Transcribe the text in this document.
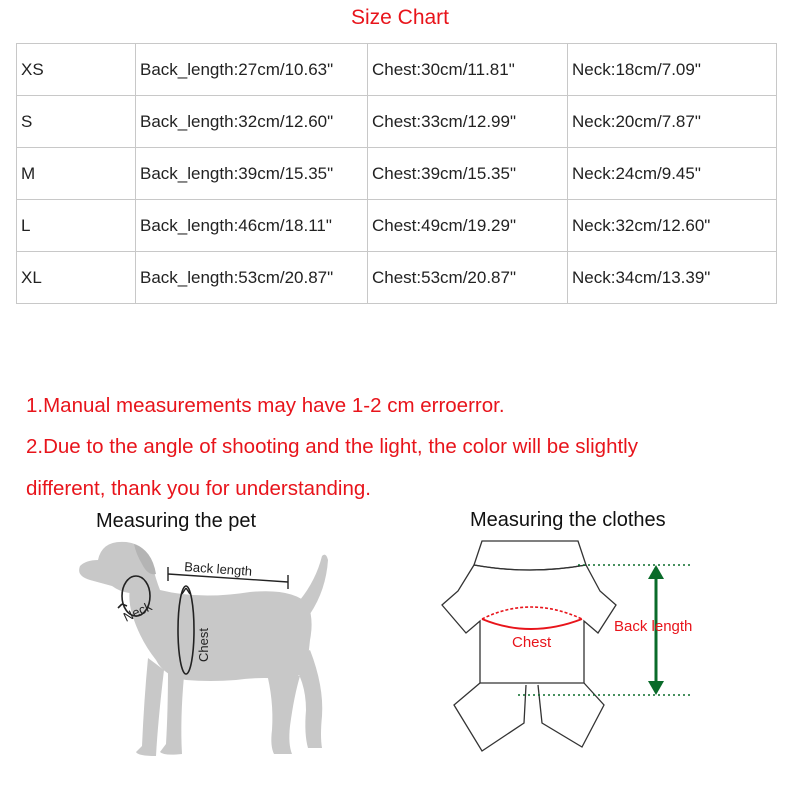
Size Chart
XS	Back_length:27cm/10.63"	Chest:30cm/11.81"	Neck:18cm/7.09"
S	Back_length:32cm/12.60"	Chest:33cm/12.99"	Neck:20cm/7.87"
M	Back_length:39cm/15.35"	Chest:39cm/15.35"	Neck:24cm/9.45"
L	Back_length:46cm/18.11"	Chest:49cm/19.29"	Neck:32cm/12.60"
XL	Back_length:53cm/20.87"	Chest:53cm/20.87"	Neck:34cm/13.39"
1.Manual measurements may have 1-2 cm erroerror.
2.Due to the angle of shooting and the light, the color will be slightly
different, thank you for understanding.
Measuring the pet	Measuring the clothes
Neck
Back length
Chest	Chest
Back length
